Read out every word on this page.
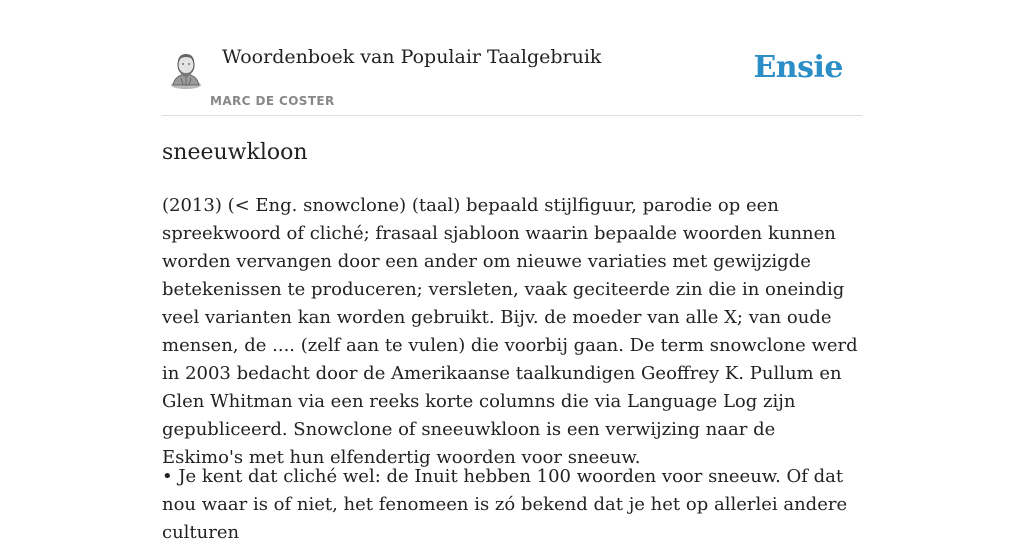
Woordenboek van Populair Taalgebruik
MARC DE COSTER
Ensie
sneeuwkloon

(2013) (< Eng. snowclone) (taal) bepaald stijlfiguur, parodie op een spreekwoord of cliché; frasaal sjabloon waarin bepaalde woorden kunnen worden vervangen door een ander om nieuwe variaties met gewijzigde betekenissen te produceren; versleten, vaak geciteerde zin die in oneindig veel varianten kan worden gebruikt. Bijv. de moeder van alle X; van oude mensen, de .... (zelf aan te vulen) die voorbij gaan. De term snowclone werd in 2003 bedacht door de Amerikaanse taalkundigen Geoffrey K. Pullum en Glen Whitman via een reeks korte columns die via Language Log zijn gepubliceerd. Snowclone of sneeuwkloon is een verwijzing naar de Eskimo's met hun elfendertig woorden voor sneeuw.

• Je kent dat cliché wel: de Inuit hebben 100 woorden voor sneeuw. Of dat nou waar is of niet, het fenomeen is zó bekend dat je het op allerlei andere culturen
